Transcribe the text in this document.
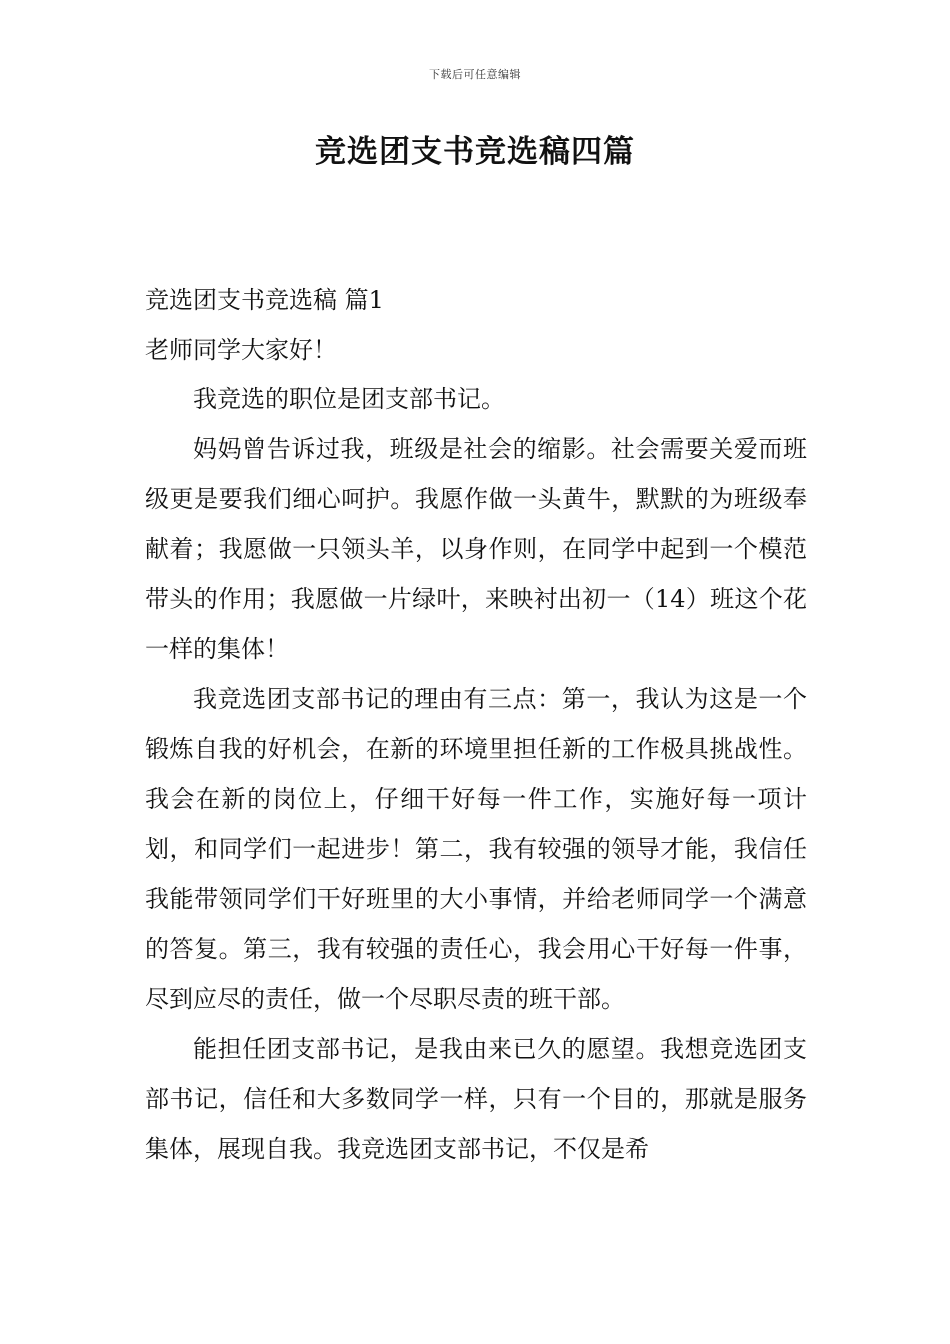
下载后可任意编辑
竞选团支书竞选稿四篇
竞选团支书竞选稿 篇1

老师同学大家好！

我竞选的职位是团支部书记。

妈妈曾告诉过我，班级是社会的缩影。社会需要关爱而班级更是要我们细心呵护。我愿作做一头黄牛，默默的为班级奉献着；我愿做一只领头羊，以身作则，在同学中起到一个模范带头的作用；我愿做一片绿叶，来映衬出初一（14）班这个花一样的集体！

我竞选团支部书记的理由有三点：第一，我认为这是一个锻炼自我的好机会，在新的环境里担任新的工作极具挑战性。我会在新的岗位上，仔细干好每一件工作，实施好每一项计划，和同学们一起进步！第二，我有较强的领导才能，我信任我能带领同学们干好班里的大小事情，并给老师同学一个满意的答复。第三，我有较强的责任心，我会用心干好每一件事，尽到应尽的责任，做一个尽职尽责的班干部。

能担任团支部书记，是我由来已久的愿望。我想竞选团支部书记，信任和大多数同学一样，只有一个目的，那就是服务集体，展现自我。我竞选团支部书记，不仅是希
